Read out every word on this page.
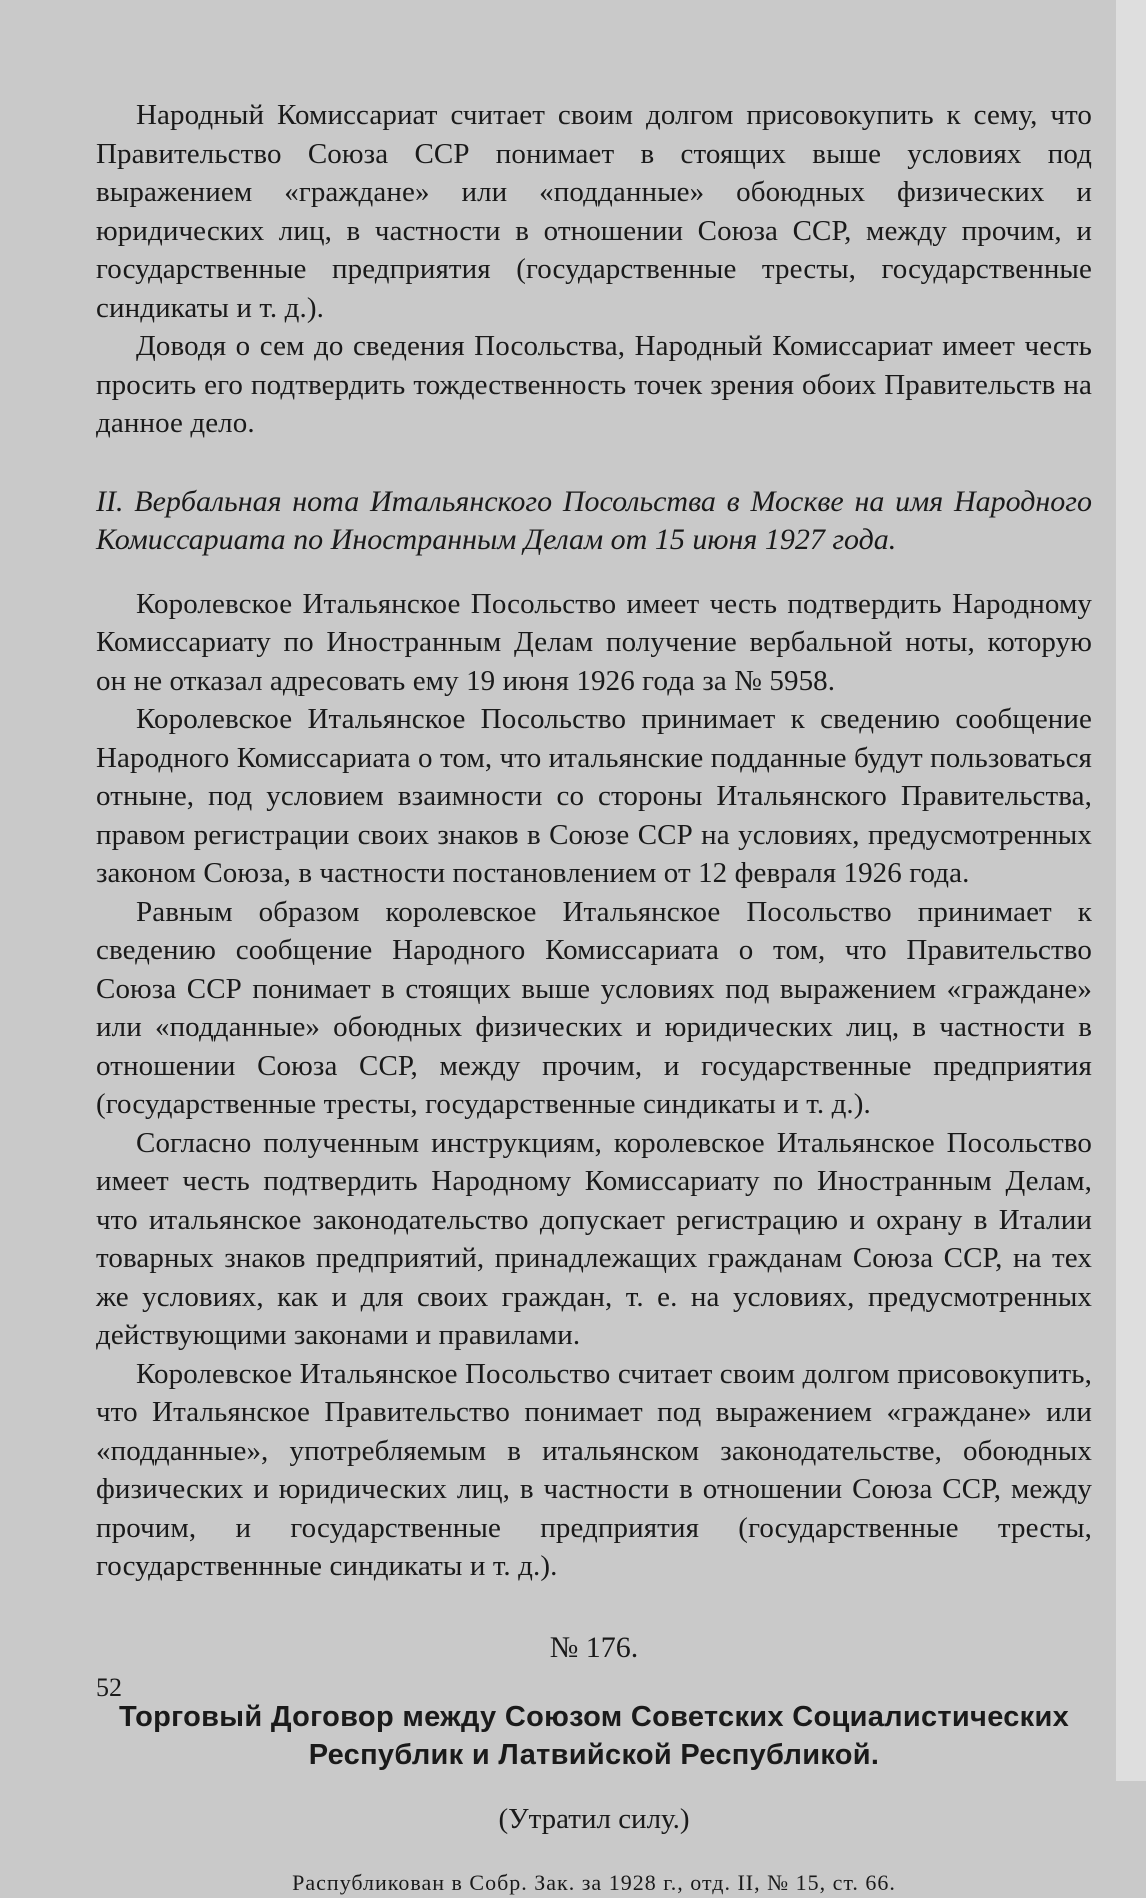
Народный Комиссариат считает своим долгом присовокупить к сему, что Правительство Союза ССР понимает в стоящих выше условиях под выражением «граждане» или «подданные» обоюдных физических и юридических лиц, в частности в отношении Союза ССР, между прочим, и государственные предприятия (государственные тресты, государственные синдикаты и т. д.).

Доводя о сем до сведения Посольства, Народный Комиссариат имеет честь просить его подтвердить тождественность точек зрения обоих Правительств на данное дело.

II. Вербальная нота Итальянского Посольства в Москве на имя Народного Комиссариата по Иностранным Делам от 15 июня 1927 года.

Королевское Итальянское Посольство имеет честь подтвердить Народному Комиссариату по Иностранным Делам получение вербальной ноты, которую он не отказал адресовать ему 19 июня 1926 года за № 5958.

Королевское Итальянское Посольство принимает к сведению сообщение Народного Комиссариата о том, что итальянские подданные будут пользоваться отныне, под условием взаимности со стороны Итальянского Правительства, правом регистрации своих знаков в Союзе ССР на условиях, предусмотренных законом Союза, в частности постановлением от 12 февраля 1926 года.

Равным образом королевское Итальянское Посольство принимает к сведению сообщение Народного Комиссариата о том, что Правительство Союза ССР понимает в стоящих выше условиях под выражением «граждане» или «подданные» обоюдных физических и юридических лиц, в частности в отношении Союза ССР, между прочим, и государственные предприятия (государственные тресты, государственные синдикаты и т. д.).

Согласно полученным инструкциям, королевское Итальянское Посольство имеет честь подтвердить Народному Комиссариату по Иностранным Делам, что итальянское законодательство допускает регистрацию и охрану в Италии товарных знаков предприятий, принадлежащих гражданам Союза ССР, на тех же условиях, как и для своих граждан, т. е. на условиях, предусмотренных действующими законами и правилами.

Королевское Итальянское Посольство считает своим долгом присовокупить, что Итальянское Правительство понимает под выражением «граждане» или «подданные», употребляемым в итальянском законодательстве, обоюдных физических и юридических лиц, в частности в отношении Союза ССР, между прочим, и государственные предприятия (государственные тресты, государственнные синдикаты и т. д.).

№ 176.
Торговый Договор между Союзом Советских Социалистических
Республик и Латвийской Республикой.
(Утратил силу.)
Распубликован в Собр. Зак. за 1928 г., отд. II, № 15, ст. 66.
52
